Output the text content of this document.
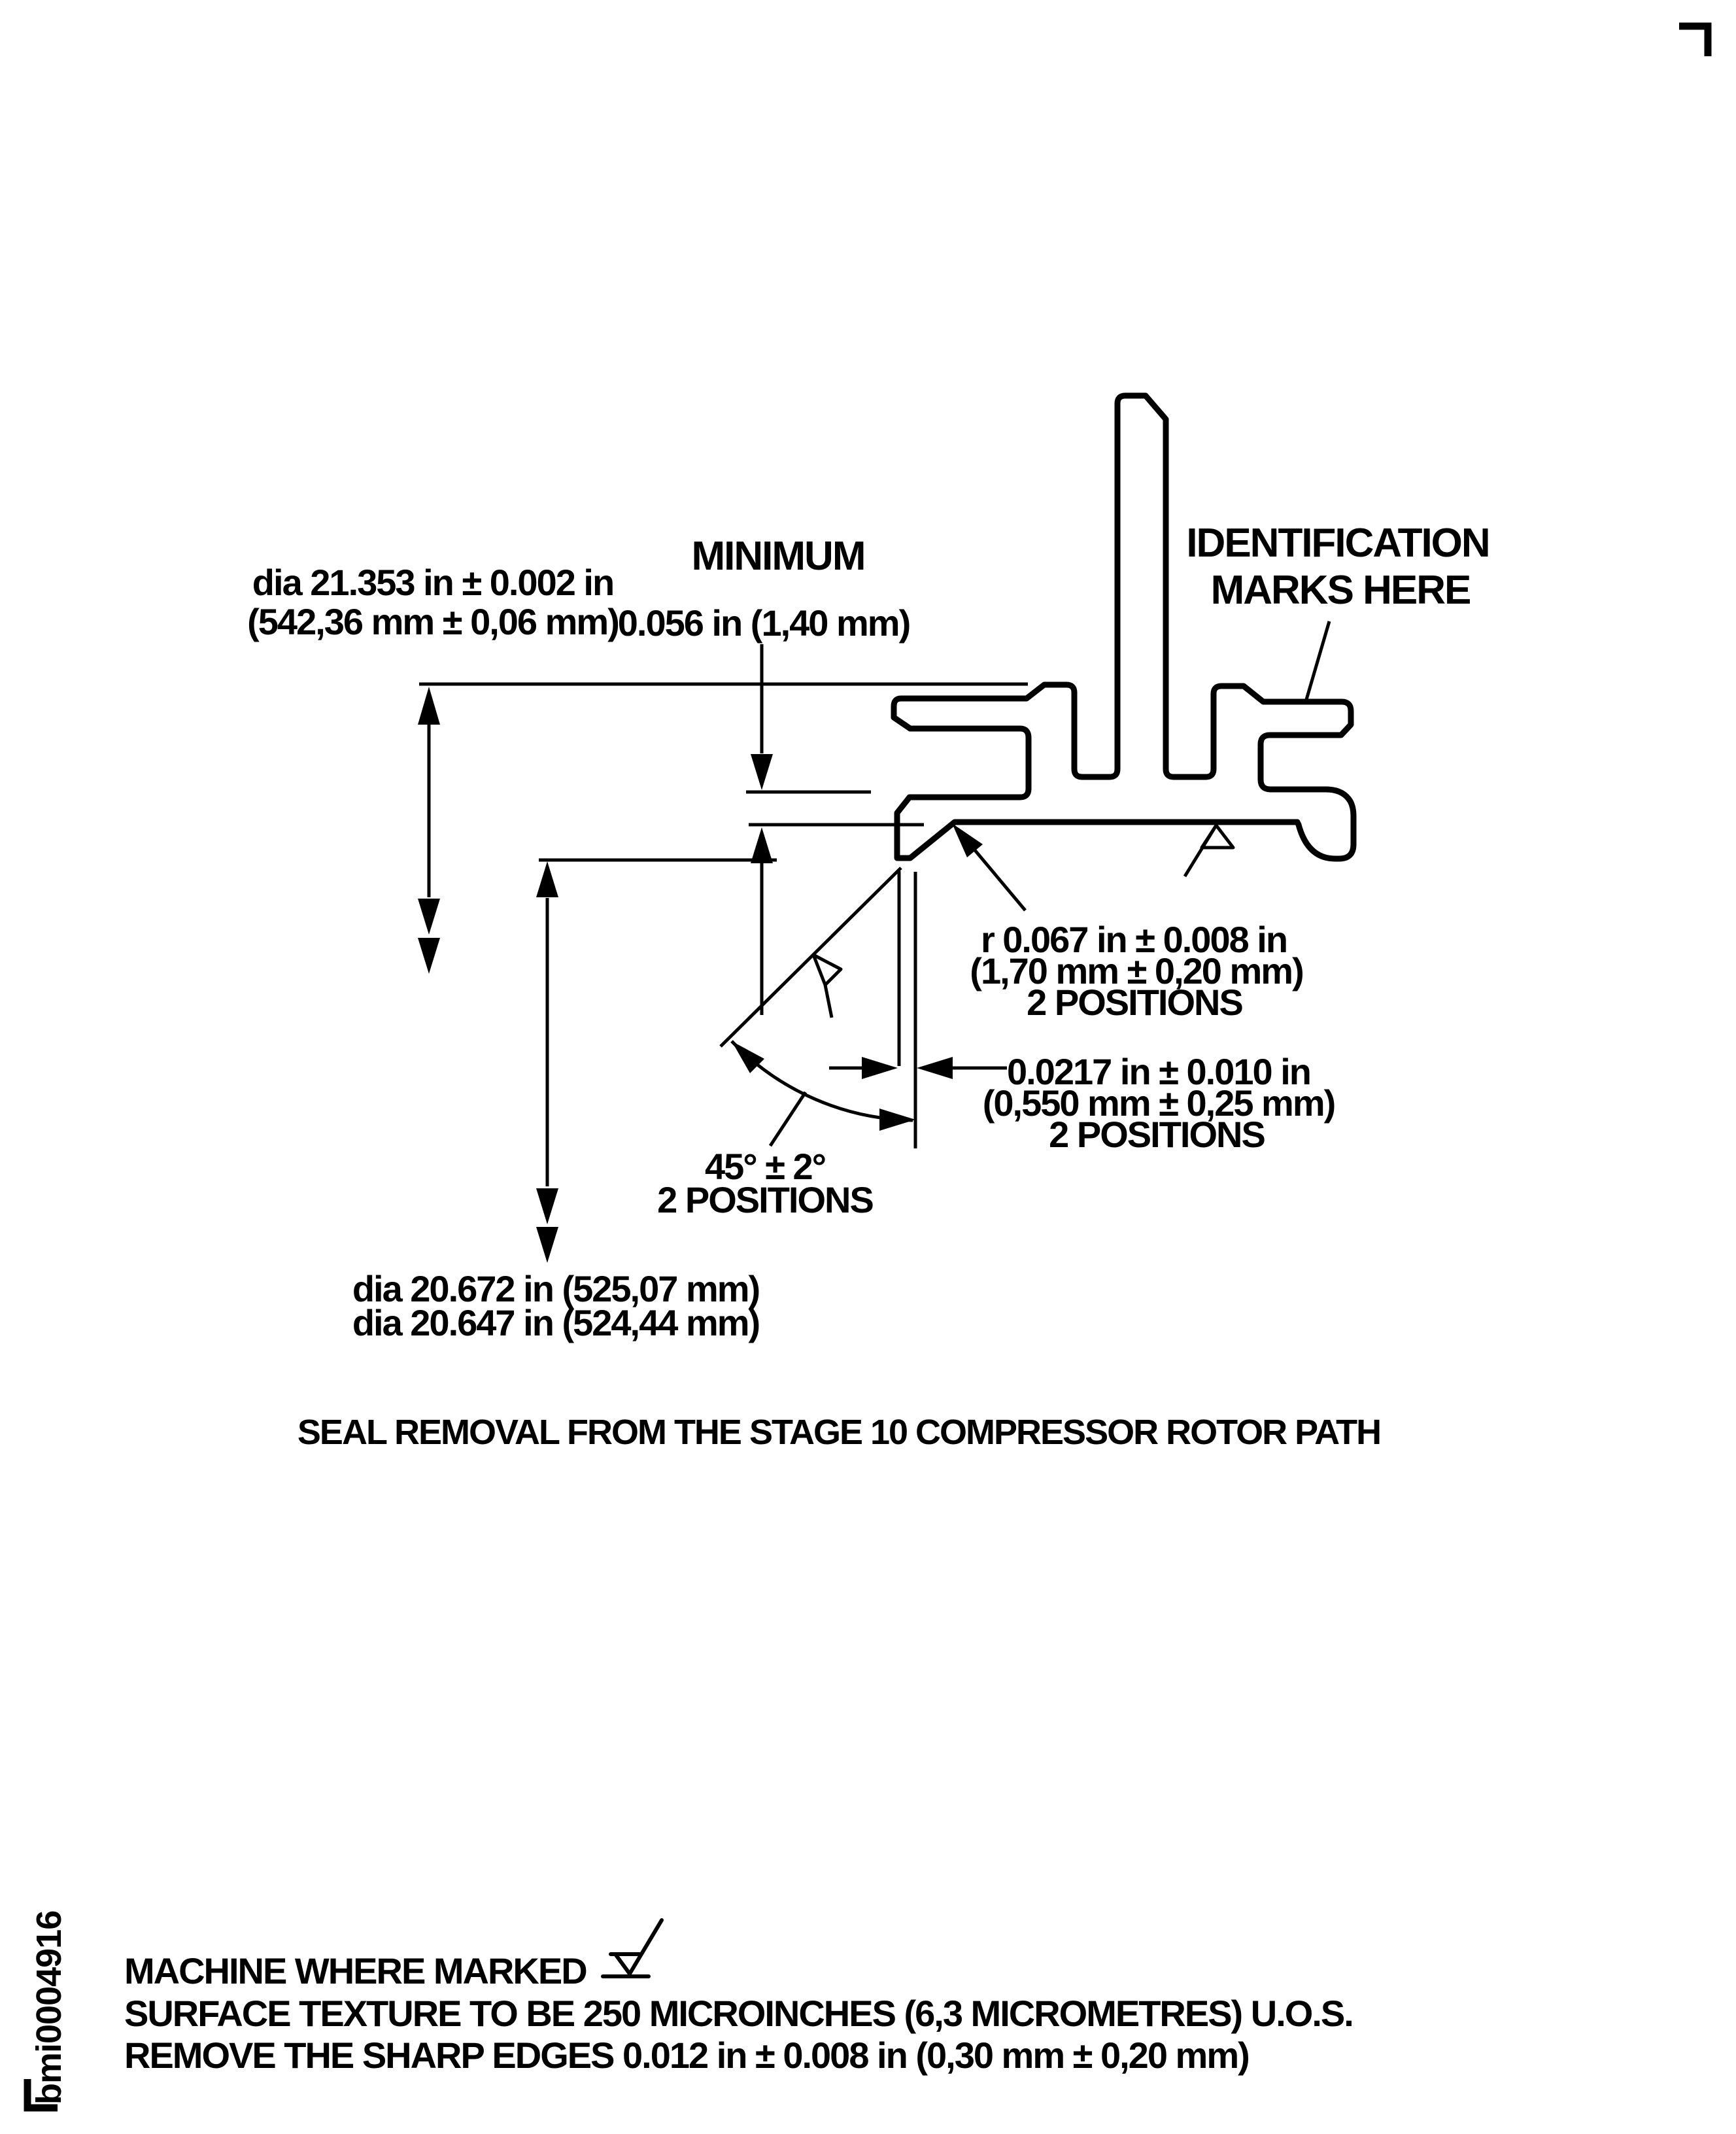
MINIMUM
0.056 in (1,40 mm)
dia 21.353 in ± 0.002 in
(542,36 mm ± 0,06 mm)
IDENTIFICATION
MARKS HERE
r 0.067 in ± 0.008 in
(1,70 mm ± 0,20 mm)
2 POSITIONS
0.0217 in ± 0.010 in
(0,550 mm ± 0,25 mm)
2 POSITIONS
45° ± 2°
2 POSITIONS
dia 20.672 in (525,07 mm)
dia 20.647 in (524,44 mm)
SEAL REMOVAL FROM THE STAGE 10 COMPRESSOR ROTOR PATH
MACHINE WHERE MARKED
SURFACE TEXTURE TO BE 250 MICROINCHES (6,3 MICROMETRES) U.O.S.
REMOVE THE SHARP EDGES 0.012 in ± 0.008 in (0,30 mm ± 0,20 mm)
bmi0004916
